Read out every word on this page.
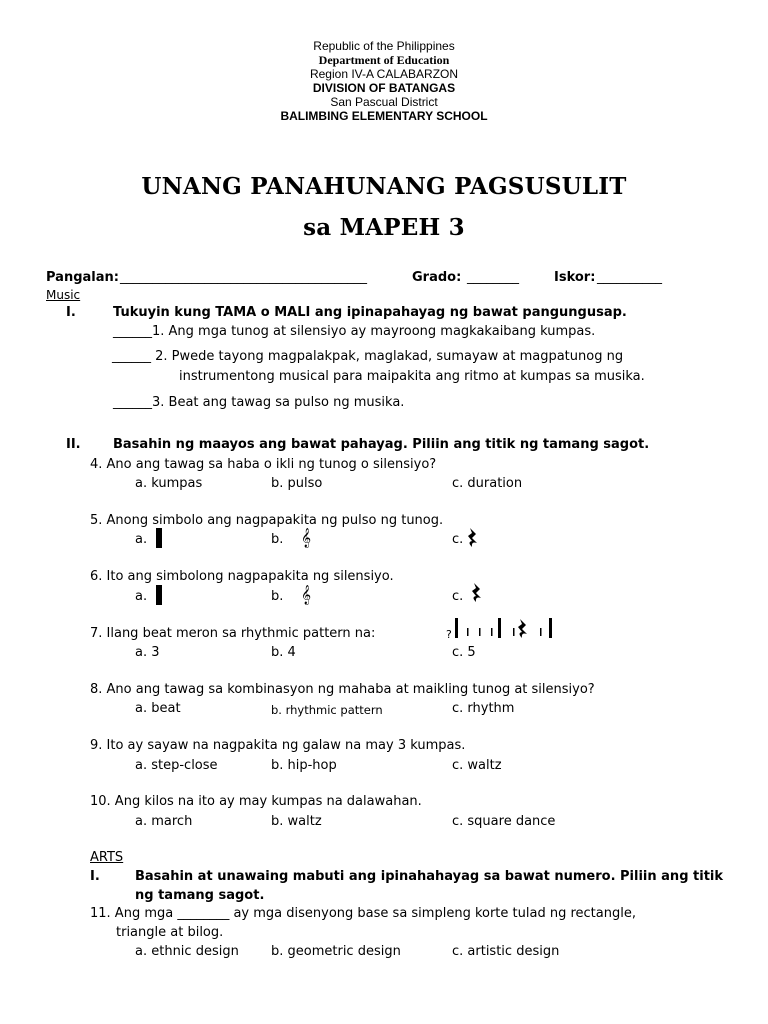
Republic of the Philippines
Department of Education
Region IV-A CALABARZON
DIVISION OF BATANGAS
San Pascual District
BALIMBING ELEMENTARY SCHOOL
UNANG PANAHUNANG PAGSUSULIT
sa MAPEH 3
Pangalan: ______________________________________	Grado: ________	Iskor: __________
Music
I.	Tukuyin kung TAMA o MALI ang ipinapahayag ng bawat pangungusap.
______1. Ang mga tunog at silensiyo ay mayroong magkakaibang kumpas.
______ 2. Pwede tayong magpalakpak, maglakad, sumayaw at magpatunog ng
instrumentong musical para maipakita ang ritmo at kumpas sa musika.
______3. Beat ang tawag sa pulso ng musika.
II. Basahin ng maayos ang bawat pahayag. Piliin ang titik ng tamang sagot.
4. Ano ang tawag sa haba o ikli ng tunog o silensiyo?
a. kumpas	b. pulso	c. duration
5. Anong simbolo ang nagpapakita ng pulso ng tunog.
a.	b. 𝄞	c.
6. Ito ang simbolong nagpapakita ng silensiyo.
a.	b. 𝄞	c.
7. Ilang beat meron sa rhythmic pattern na:	?
a. 3	b. 4	c. 5
8. Ano ang tawag sa kombinasyon ng mahaba at maikling tunog at silensiyo?
a. beat	b. rhythmic pattern	c. rhythm
9. Ito ay sayaw na nagpakita ng galaw na may 3 kumpas.
a. step-close	b. hip-hop	c. waltz
10. Ang kilos na ito ay may kumpas na dalawahan.
a. march	b. waltz	c. square dance
ARTS
I.	Basahin at unawaing mabuti ang ipinahahayag sa bawat numero. Piliin ang titik
ng tamang sagot.
11. Ang mga ________ ay mga disenyong base sa simpleng korte tulad ng rectangle,
triangle at bilog.
a. ethnic design b. geometric design	c. artistic design
